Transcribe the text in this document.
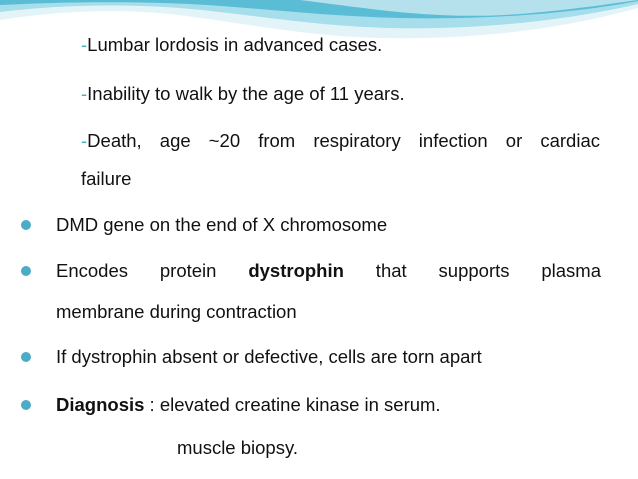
-Lumbar lordosis in advanced cases.
-Inability to walk by the age of 11 years.
-Death, age ~20 from respiratory infection or cardiac
failure
DMD gene on the end of X chromosome
Encodes protein dystrophin that supports plasma
membrane during contraction
If dystrophin absent or defective, cells are torn apart
Diagnosis : elevated creatine kinase in serum.
muscle biopsy.
